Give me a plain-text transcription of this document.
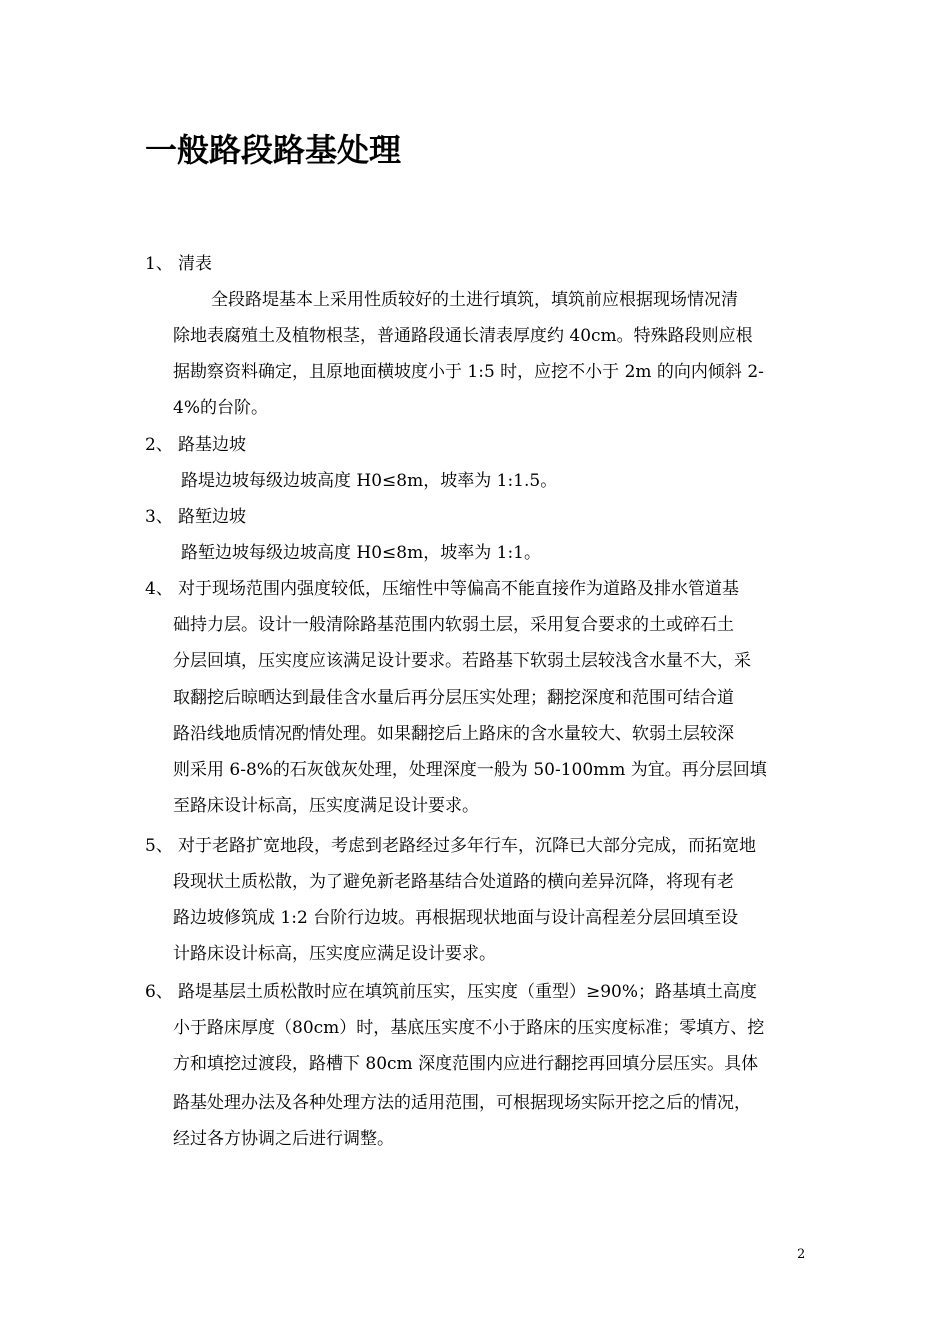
一般路段路基处理
1、 清表
全段路堤基本上采用性质较好的土进行填筑，填筑前应根据现场情况清
除地表腐殖土及植物根茎，普通路段通长清表厚度约 40cm。特殊路段则应根
据勘察资料确定，且原地面横坡度小于 1:5 时，应挖不小于 2m 的向内倾斜 2-
4%的台阶。
2、 路基边坡
路堤边坡每级边坡高度 H0≤8m，坡率为 1:1.5。
3、 路堑边坡
路堑边坡每级边坡高度 H0≤8m，坡率为 1:1。
4、 对于现场范围内强度较低，压缩性中等偏高不能直接作为道路及排水管道基
础持力层。设计一般清除路基范围内软弱土层，采用复合要求的土或碎石土
分层回填，压实度应该满足设计要求。若路基下软弱土层较浅含水量不大，采
取翻挖后晾晒达到最佳含水量后再分层压实处理；翻挖深度和范围可结合道
路沿线地质情况酌情处理。如果翻挖后上路床的含水量较大、软弱土层较深
则采用 6-8%的石灰戗灰处理，处理深度一般为 50-100mm 为宜。再分层回填
至路床设计标高，压实度满足设计要求。
5、 对于老路扩宽地段，考虑到老路经过多年行车，沉降已大部分完成，而拓宽地
段现状土质松散，为了避免新老路基结合处道路的横向差异沉降，将现有老
路边坡修筑成 1:2 台阶行边坡。再根据现状地面与设计高程差分层回填至设
计路床设计标高，压实度应满足设计要求。
6、 路堤基层土质松散时应在填筑前压实，压实度（重型）≥90%；路基填土高度
小于路床厚度（80cm）时，基底压实度不小于路床的压实度标准；零填方、挖
方和填挖过渡段，路槽下 80cm 深度范围内应进行翻挖再回填分层压实。具体
路基处理办法及各种处理方法的适用范围，可根据现场实际开挖之后的情况，
经过各方协调之后进行调整。
2
